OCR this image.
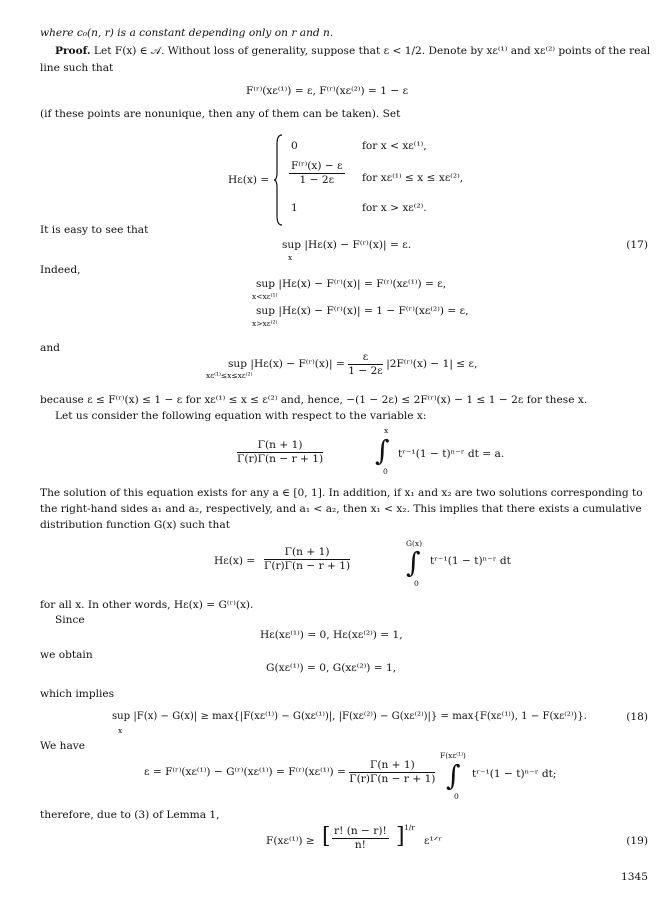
where c₀(n, r) is a constant depending only on r and n.
Proof. Let F(x) ∈ 𝒜. Without loss of generality, suppose that ε < 1/2. Denote by xε⁽¹⁾ and xε⁽²⁾ points of the real
line such that
F⁽ʳ⁾(xε⁽¹⁾) = ε, F⁽ʳ⁾(xε⁽²⁾) = 1 − ε
(if these points are nonunique, then any of them can be taken). Set
Hε(x) =
0
$\frac{\text{F⁽ʳ⁾(x) − ε}}{1 - 2\varepsilon}$
1
for x < xε⁽¹⁾,
for xε⁽¹⁾ ≤ x ≤ xε⁽²⁾,
for x > xε⁽²⁾.
It is easy to see that
sup |Hε(x) − F⁽ʳ⁾(x)| = ε.
x
(17)
Indeed,
sup |Hε(x) − F⁽ʳ⁾(x)| = F⁽ʳ⁾(xε⁽¹⁾) = ε,
x<xε⁽¹⁾
sup |Hε(x) − F⁽ʳ⁾(x)| = 1 − F⁽ʳ⁾(xε⁽²⁾) = ε,
x>xε⁽²⁾
and
sup |Hε(x) − F⁽ʳ⁾(x)| = $\frac{\varepsilon}{1 - 2\varepsilon}$ |2F⁽ʳ⁾(x) − 1| ≤ ε,
xε⁽¹⁾≤x≤xε⁽²⁾
because ε ≤ F⁽ʳ⁾(x) ≤ 1 − ε for xε⁽¹⁾ ≤ x ≤ ε⁽²⁾ and, hence, −(1 − 2ε) ≤ 2F⁽ʳ⁾(x) − 1 ≤ 1 − 2ε for these x.
Let us consider the following equation with respect to the variable x:
$\frac{\Gamma(n + 1)}{\Gamma(r)\Gamma(n - r + 1)}$
x
∫
0
tʳ⁻¹(1 − t)ⁿ⁻ʳ dt = a.
The solution of this equation exists for any a ∈ [0, 1]. In addition, if x₁ and x₂ are two solutions corresponding to
the right-hand sides a₁ and a₂, respectively, and a₁ < a₂, then x₁ < x₂. This implies that there exists a cumulative
distribution function G(x) such that
$H\varepsilon(x) = \frac{\Gamma(n + 1)}{\Gamma(r)\Gamma(n - r + 1)}$
G(x)
∫
0
tʳ⁻¹(1 − t)ⁿ⁻ʳ dt
for all x. In other words, Hε(x) = G⁽ʳ⁾(x).
Since
Hε(xε⁽¹⁾) = 0, Hε(xε⁽²⁾) = 1,
we obtain
G(xε⁽¹⁾) = 0, G(xε⁽²⁾) = 1,
which implies
sup |F(x) − G(x)| ≥ max{|F(xε⁽¹⁾) − G(xε⁽¹⁾)|, |F(xε⁽²⁾) − G(xε⁽²⁾)|} = max{F(xε⁽¹⁾), 1 − F(xε⁽²⁾)}.
x
(18)
We have
ε = F⁽ʳ⁾(xε⁽¹⁾) − G⁽ʳ⁾(xε⁽¹⁾) = F⁽ʳ⁾(xε⁽¹⁾) = $\frac{\Gamma(n + 1)}{\Gamma(r)\Gamma(n - r + 1)}$
F(xε⁽¹⁾)
∫
0
tʳ⁻¹(1 − t)ⁿ⁻ʳ dt;
therefore, due to (3) of Lemma 1,
F(xε⁽¹⁾) ≥ [ $\frac{r! (n - r)!}{n!}$ ] 1/r
ε¹ᐟʳ	(19)
1345
